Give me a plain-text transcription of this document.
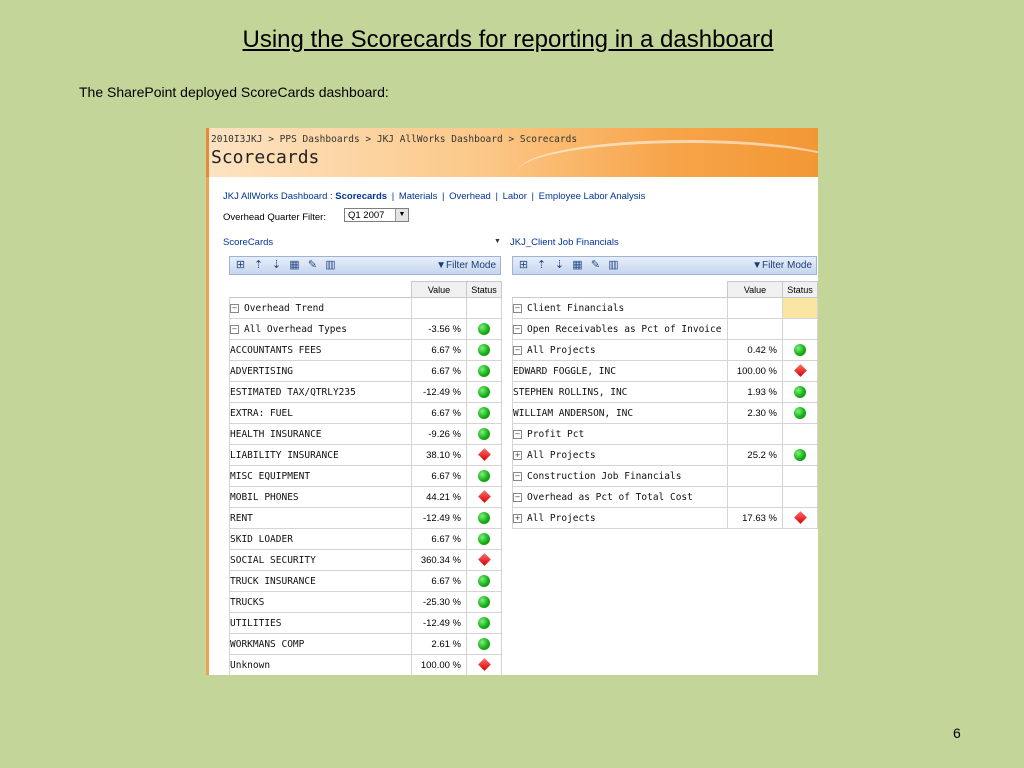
Using the Scorecards for reporting in a dashboard
The SharePoint deployed ScoreCards dashboard:
2010I3JKJ > PPS Dashboards > JKJ AllWorks Dashboard > Scorecards
Scorecards
JKJ AllWorks Dashboard : Scorecards | Materials | Overhead | Labor | Employee Labor Analysis
Overhead Quarter Filter: Q1 2007	▼
ScoreCards	▼ JKJ_Client Job Financials
⊞ ⇡ ⇣ ▦ ✎ ▥	▼Filter Mode ⊞ ⇡ ⇣ ▦ ✎ ▥	▼Filter Mode
	Value	Status
− Overhead Trend		
− All Overhead Types	-3.56 %	
ACCOUNTANTS FEES	6.67 %	
ADVERTISING	6.67 %	
ESTIMATED TAX/QTRLY235	-12.49 %	
EXTRA: FUEL	6.67 %	
HEALTH INSURANCE	-9.26 %	
LIABILITY INSURANCE	38.10 %	
MISC EQUIPMENT	6.67 %	
MOBIL PHONES	44.21 %	
RENT	-12.49 %	
SKID LOADER	6.67 %	
SOCIAL SECURITY	360.34 %	
TRUCK INSURANCE	6.67 %	
TRUCKS	-25.30 %	
UTILITIES	-12.49 %	
WORKMANS COMP	2.61 %	
Unknown	100.00 %	
	Value	Status
− Client Financials		
− Open Receivables as Pct of Invoice		
− All Projects	0.42 %	
EDWARD FOGGLE, INC	100.00 %	
STEPHEN ROLLINS, INC	1.93 %	
WILLIAM ANDERSON, INC	2.30 %	
− Profit Pct		
+ All Projects	25.2 %	
− Construction Job Financials		
− Overhead as Pct of Total Cost		
+ All Projects	17.63 %	
6
